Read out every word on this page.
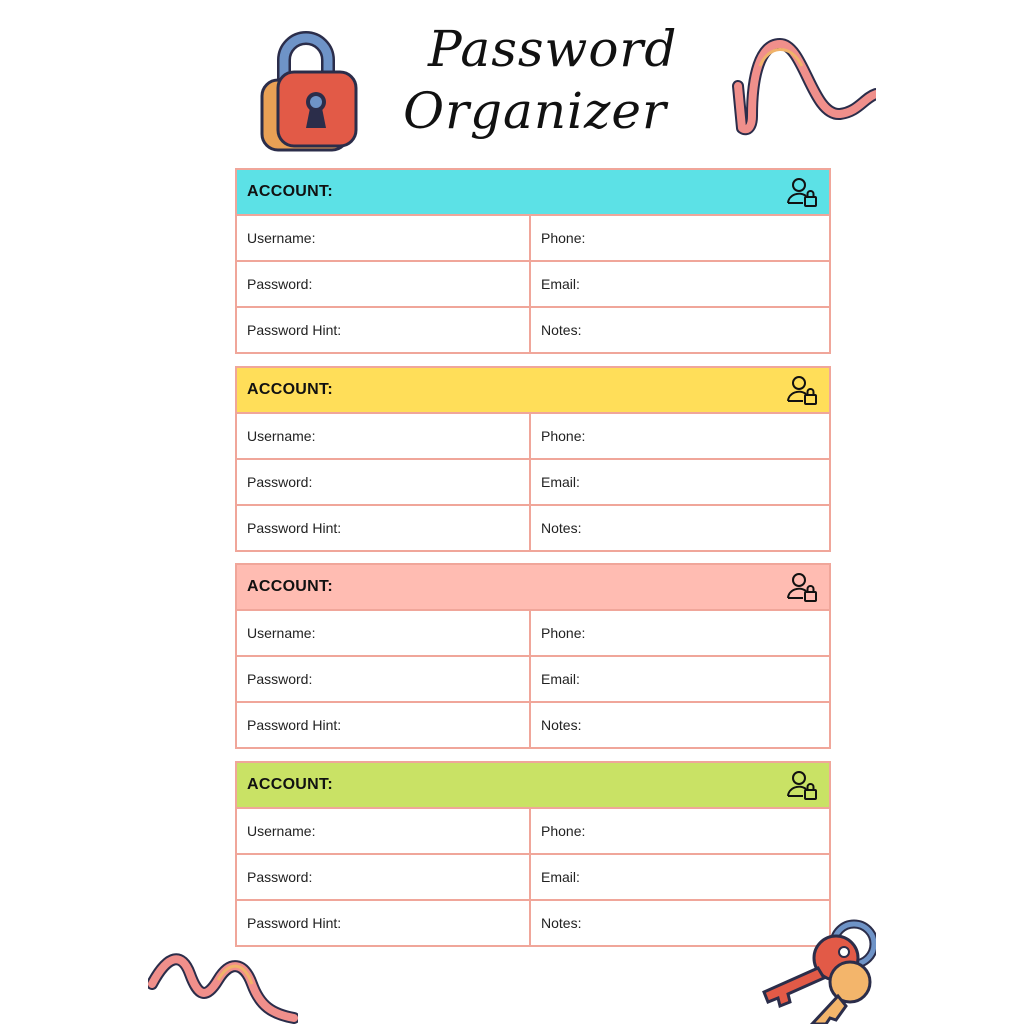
Password
Organizer
ACCOUNT:
Username:	Phone:
Password:	Email:
Password Hint:	Notes:
ACCOUNT:
Username:	Phone:
Password:	Email:
Password Hint:	Notes:
ACCOUNT:
Username:	Phone:
Password:	Email:
Password Hint:	Notes:
ACCOUNT:
Username:	Phone:
Password:	Email:
Password Hint:	Notes:
